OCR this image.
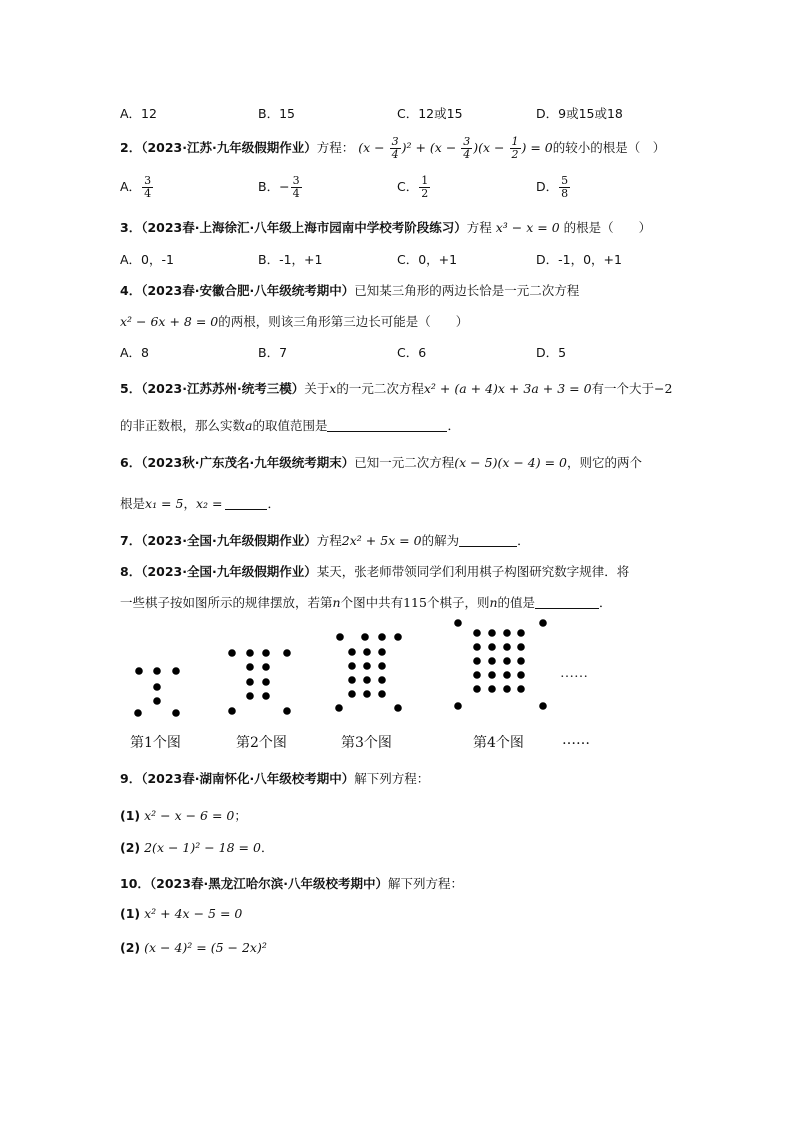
A．12	B．15	C．12或15	D．9或15或18
2．（2023·江苏·九年级假期作业）方程： $(x - \frac{3}{4} )^2 + (x - \frac{3}{4} )(x - \frac{1}{2}$ ) = 0的较小的根是（　）
A． $\frac{3}{4}$	B．− $\frac{3}{4}$	C． $\frac{1}{2}$	D． $\frac{5}{8}$
3．（2023春·上海徐汇·八年级上海市园南中学校考阶段练习）方程 x³ − x = 0 的根是（　　）
A．0，-1	B．-1，+1	C．0，+1	D．-1，0，+1
4．（2023春·安徽合肥·八年级统考期中）已知某三角形的两边长恰是一元二次方程
x² − 6x + 8 = 0的两根，则该三角形第三边长可能是（　　）
A．8	B．7	C．6	D．5
5．（2023·江苏苏州·统考三模）关于x的一元二次方程x² + (a + 4)x + 3a + 3 = 0有一个大于−2
的非正数根，那么实数a的取值范围是	．
6．（2023秋·广东茂名·九年级统考期末）已知一元二次方程(x − 5)(x − 4) = 0，则它的两个
根是x₁ = 5，x₂ =	．
7．（2023·全国·九年级假期作业）方程2x² + 5x = 0的解为	．
8．（2023·全国·九年级假期作业）某天，张老师带领同学们利用棋子构图研究数字规律．将
一些棋子按如图所示的规律摆放，若第n个图中共有115个棋子，则n的值是	．
……
第1个图	第2个图	第3个图	第4个图	……
9．（2023春·湖南怀化·八年级校考期中）解下列方程：
(1) x² − x − 6 = 0；
(2) 2(x − 1)² − 18 = 0．
10．（2023春·黑龙江哈尔滨·八年级校考期中）解下列方程：
(1) x² + 4x − 5 = 0
(2) (x − 4)² = (5 − 2x)²
